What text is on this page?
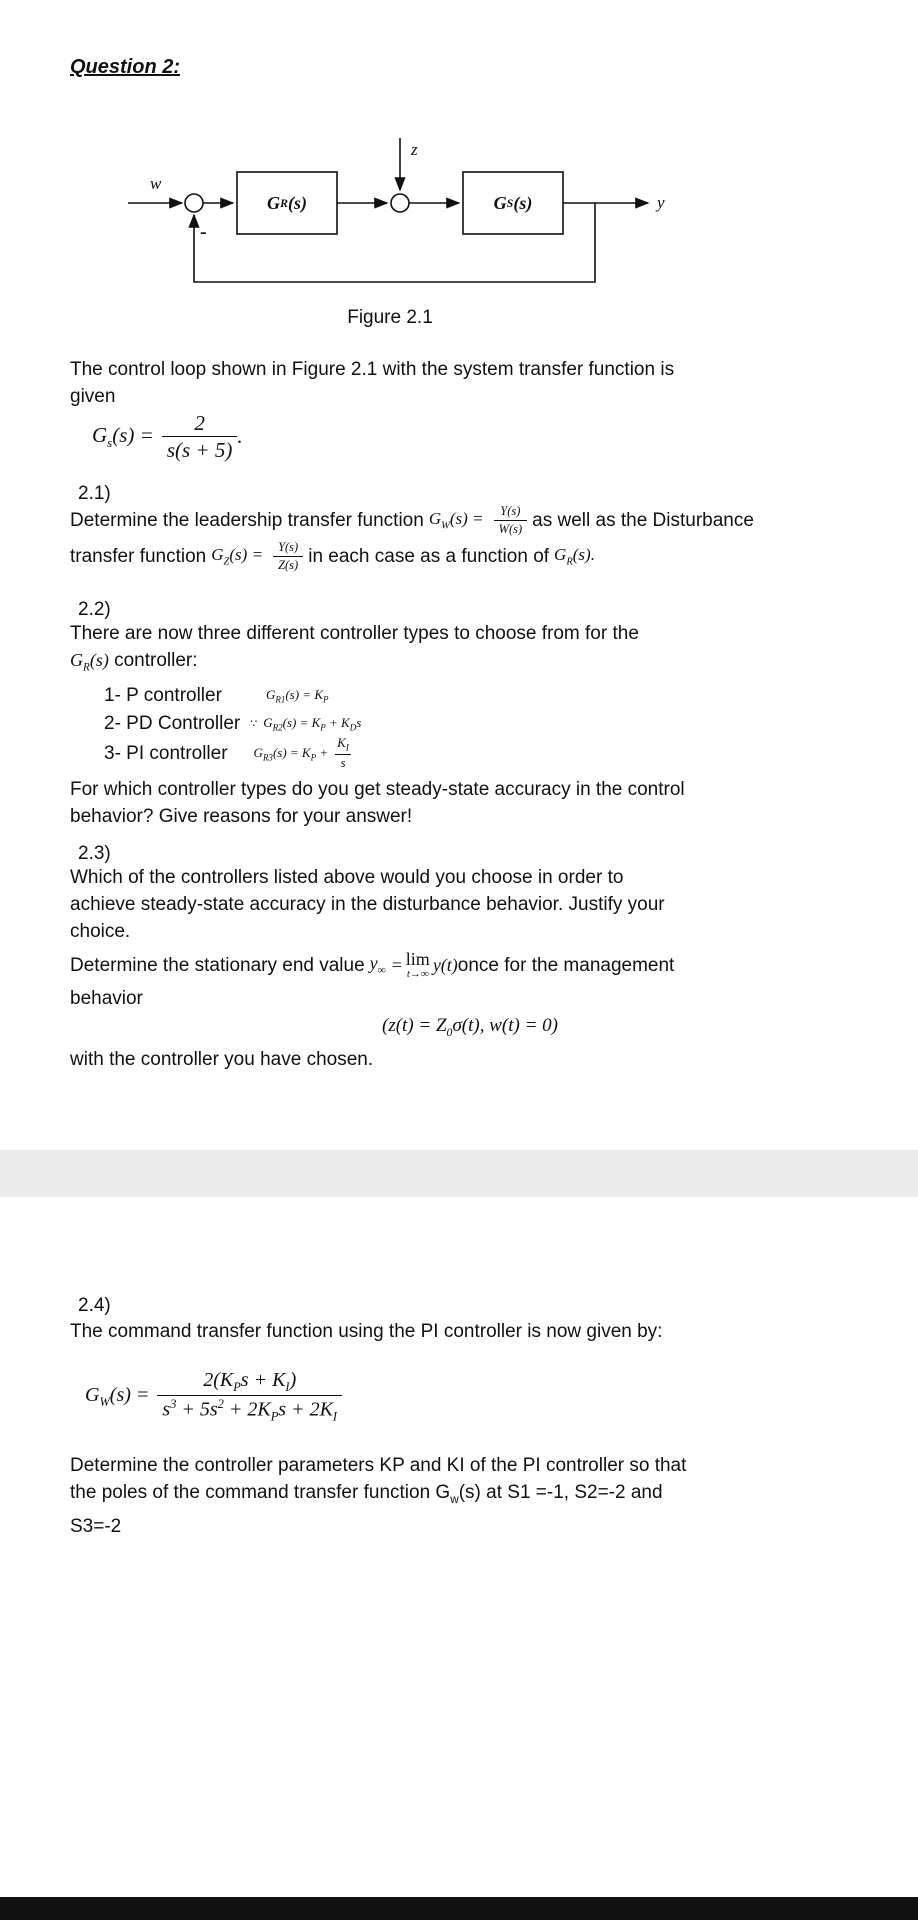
Question 2:
w
z
y
-
G R (s)	G S (s)
Figure 2.1
The control loop shown in Figure 2.1 with the system transfer function is
given
$G_s(s) = \frac{2}{s(s + 5)}$ .
2.1)
Determine the leadership transfer function $G_W(s) = \frac{Y(s)}{W(s)}$ as well as the Disturbance
transfer function $G_Z(s) = \frac{Y(s)}{Z(s)}$ in each case as a function of $G_R(s)$.
2.2)
There are now three different controller types to choose from for the
$G_R(s)$ controller:
1- P controller	$G_{R1}(s) = K_P$
2- PD Controller ∵ $G_{R2}(s) = K_P + K_Ds$
3- PI controller $G_{R3}(s) = K_P + \frac{K_I}{s}$
For which controller types do you get steady-state accuracy in the control
behavior? Give reasons for your answer!
2.3)
Which of the controllers listed above would you choose in order to
achieve steady-state accuracy in the disturbance behavior. Justify your
choice.
Determine the stationary end value $y_\infty = \lim$
t→∞ y(t) once for the management
behavior
($z(t) = Z_0\sigma(t)$, w(t) = 0)
with the controller you have chosen.
2.4)
The command transfer function using the PI controller is now given by:
$G_W(s) = \frac{2(K_Ps + K_I)}{s^3 + 5s^2 + 2K_Ps + 2K_I}$
Determine the controller parameters KP and KI of the PI controller so that
the poles of the command transfer function $G_w(s)$ at S1 =-1, S2=-2 and
S3=-2
